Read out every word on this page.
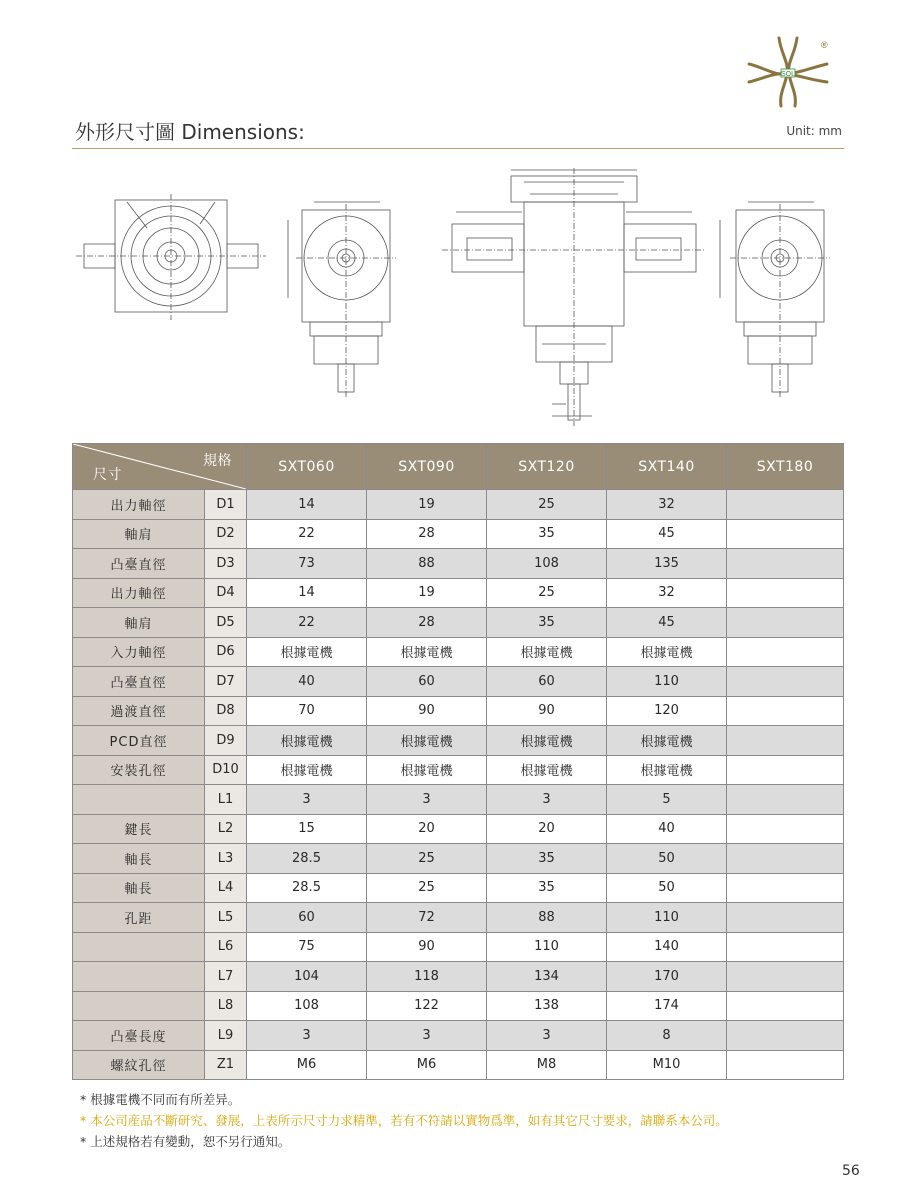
SOL
®
外形尺寸圖 Dimensions:	Unit: mm
規格
尺寸		SXT060	SXT090	SXT120	SXT140	SXT180
出力軸徑	D1	14	19	25	32	
軸肩	D2	22	28	35	45	
凸臺直徑	D3	73	88	108	135	
出力軸徑	D4	14	19	25	32	
軸肩	D5	22	28	35	45	
入力軸徑	D6	根據電機	根據電機	根據電機	根據電機	
凸臺直徑	D7	40	60	60	110	
過渡直徑	D8	70	90	90	120	
PCD直徑	D9	根據電機	根據電機	根據電機	根據電機	
安裝孔徑	D10	根據電機	根據電機	根據電機	根據電機	
	L1	3	3	3	5	
鍵長	L2	15	20	20	40	
軸長	L3	28.5	25	35	50	
軸長	L4	28.5	25	35	50	
孔距	L5	60	72	88	110	
	L6	75	90	110	140	
	L7	104	118	134	170	
	L8	108	122	138	174	
凸臺長度	L9	3	3	3	8	
螺紋孔徑	Z1	M6	M6	M8	M10	
* 根據電機不同而有所差异。
* 本公司産品不斷研究、發展，上表所示尺寸力求精準，若有不符請以實物爲準，如有其它尺寸要求，請聯系本公司。
* 上述規格若有變動，恕不另行通知。
56
